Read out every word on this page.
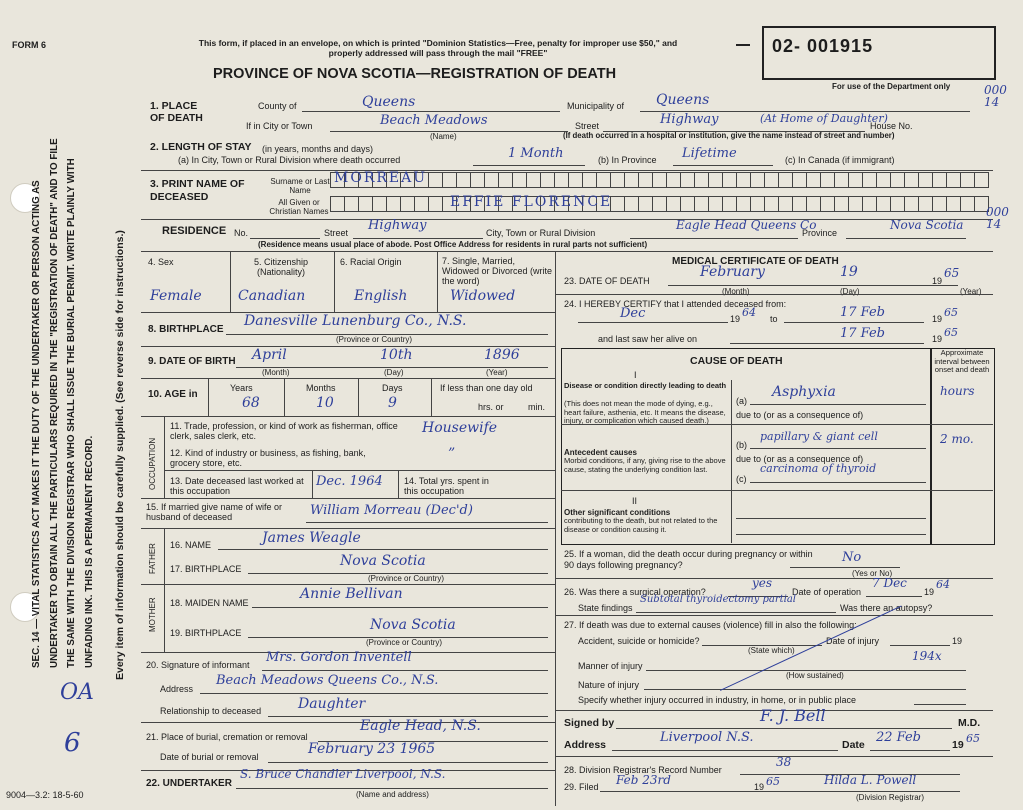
FORM 6	This form, if placed in an envelope, on which is printed "Dominion Statistics—Free, penalty for improper use $50," and properly addressed will pass through the mail "FREE"
PROVINCE OF NOVA SCOTIA—REGISTRATION OF DEATH
02- 001915
For use of the Department only	000
14
SEC. 14 — VITAL STATISTICS ACT MAKES IT THE DUTY OF THE UNDERTAKER OR PERSON ACTING AS UNDERTAKER TO OBTAIN ALL THE PARTICULARS REQUIRED IN THE "REGISTRATION OF DEATH" AND TO FILE THE SAME WITH THE DIVISION REGISTRAR WHO SHALL ISSUE THE BURIAL PERMIT. WRITE PLAINLY WITH UNFADING INK. THIS IS A PERMANENT RECORD.	Every item of information should be carefully supplied. (See reverse side for instructions.)
OA
6
9004—3.2: 18-5-60
1. PLACE OF DEATH
County of	Queens	Municipality of Queens
If in City or Town	Beach Meadows
(Name)
Street	Highway	House No.
(At Home of Daughter)
(If death occurred in a hospital or institution, give the name instead of street and number)
2. LENGTH OF STAY (in years, months and days)
(a) In City, Town or Rural Division where death occurred	1 Month	(b) In Province Lifetime	(c) In Canada (if immigrant)
3. PRINT NAME OF DECEASED
Surname or Last Name
All Given or Christian Names
MORREAU
EFFIE FLORENCE
RESIDENCE No.	Street Highway	City, Town or Rural Division
Eagle Head Queens Co
Province
Nova Scotia
000
14
(Residence means usual place of abode. Post Office Address for residents in rural parts not sufficient)
4. Sex	5. Citizenship (Nationality)
6. Racial Origin	7. Single, Married, Widowed or Divorced (write the word)
Female	Canadian	English	Widowed
8. BIRTHPLACE
Danesville Lunenburg Co., N.S.
(Province or Country)
9. DATE OF BIRTH April	10th	1896
(Month)	(Day)	(Year)
10. AGE in
Years	Months	Days	If less than one day old
68	10	9	hrs. or	min.
OCCUPATION
11. Trade, profession, or kind of work as fisherman, office clerk, sales clerk, etc.	Housewife
12. Kind of industry or business, as fishing, bank, grocery store, etc.
”
13. Date deceased last worked at this occupation
Dec. 1964 14. Total yrs. spent in this occupation
15. If married give name of wife or husband of deceased	William Morreau (Dec'd)
FATHER 16. NAME	James Weagle
17. BIRTHPLACE	Nova Scotia
(Province or Country)
MOTHER 18. MAIDEN NAME
Annie Bellivan
19. BIRTHPLACE	Nova Scotia
(Province or Country)
20. Signature of informant Mrs. Gordon Inventell
Address
Beach Meadows Queens Co., N.S.
Relationship to deceased	Daughter
21. Place of burial, cremation or removal
Eagle Head, N.S.
Date of burial or removal	February 23 1965
22. UNDERTAKER
S. Bruce Chandler Liverpool, N.S.
(Name and address)
MEDICAL CERTIFICATE OF DEATH
23. DATE OF DEATH
February	19
19
65
(Month)	(Day)	(Year)
24. I HEREBY CERTIFY that I attended deceased from:
Dec	19 64 to	17 Feb	19 65
and last saw her alive on	17 Feb	19 65
CAUSE OF DEATH
Approximate interval between onset and death
I
Disease or condition directly leading to death
(This does not mean the mode of dying, e.g., heart failure, asthenia, etc. It means the disease, injury, or complication which caused death.)
(a)
Asphyxia	hours
due to (or as a consequence of)
Antecedent causes
Morbid conditions, if any, giving rise to the above cause, stating the underlying condition last.
(b)
papillary & giant cell	2 mo.
due to (or as a consequence of)
(c)
carcinoma of thyroid
II
Other significant conditions
contributing to the death, but not related to the disease or condition causing it.
25. If a woman, did the death occur during pregnancy or within 90 days following pregnancy?	No
(Yes or No)
26. Was there a surgical operation?
yes
Date of operation
7 Dec
19
64
State findings
Subtotal thyroidectomy partial
Was there an autopsy?
27. If death was due to external causes (violence) fill in also the following:
Accident, suicide or homicide?	Date of injury	19
(State which)
Manner of injury
194x
(How sustained)
Nature of injury
Specify whether injury occurred in industry, in home, or in public place
Signed by	F. J. Bell	M.D.
Address	Liverpool N.S.	Date 22 Feb	19 65
28. Division Registrar's Record Number
38
29. Filed Feb 23rd	19 65	Hilda L. Powell
(Division Registrar)
